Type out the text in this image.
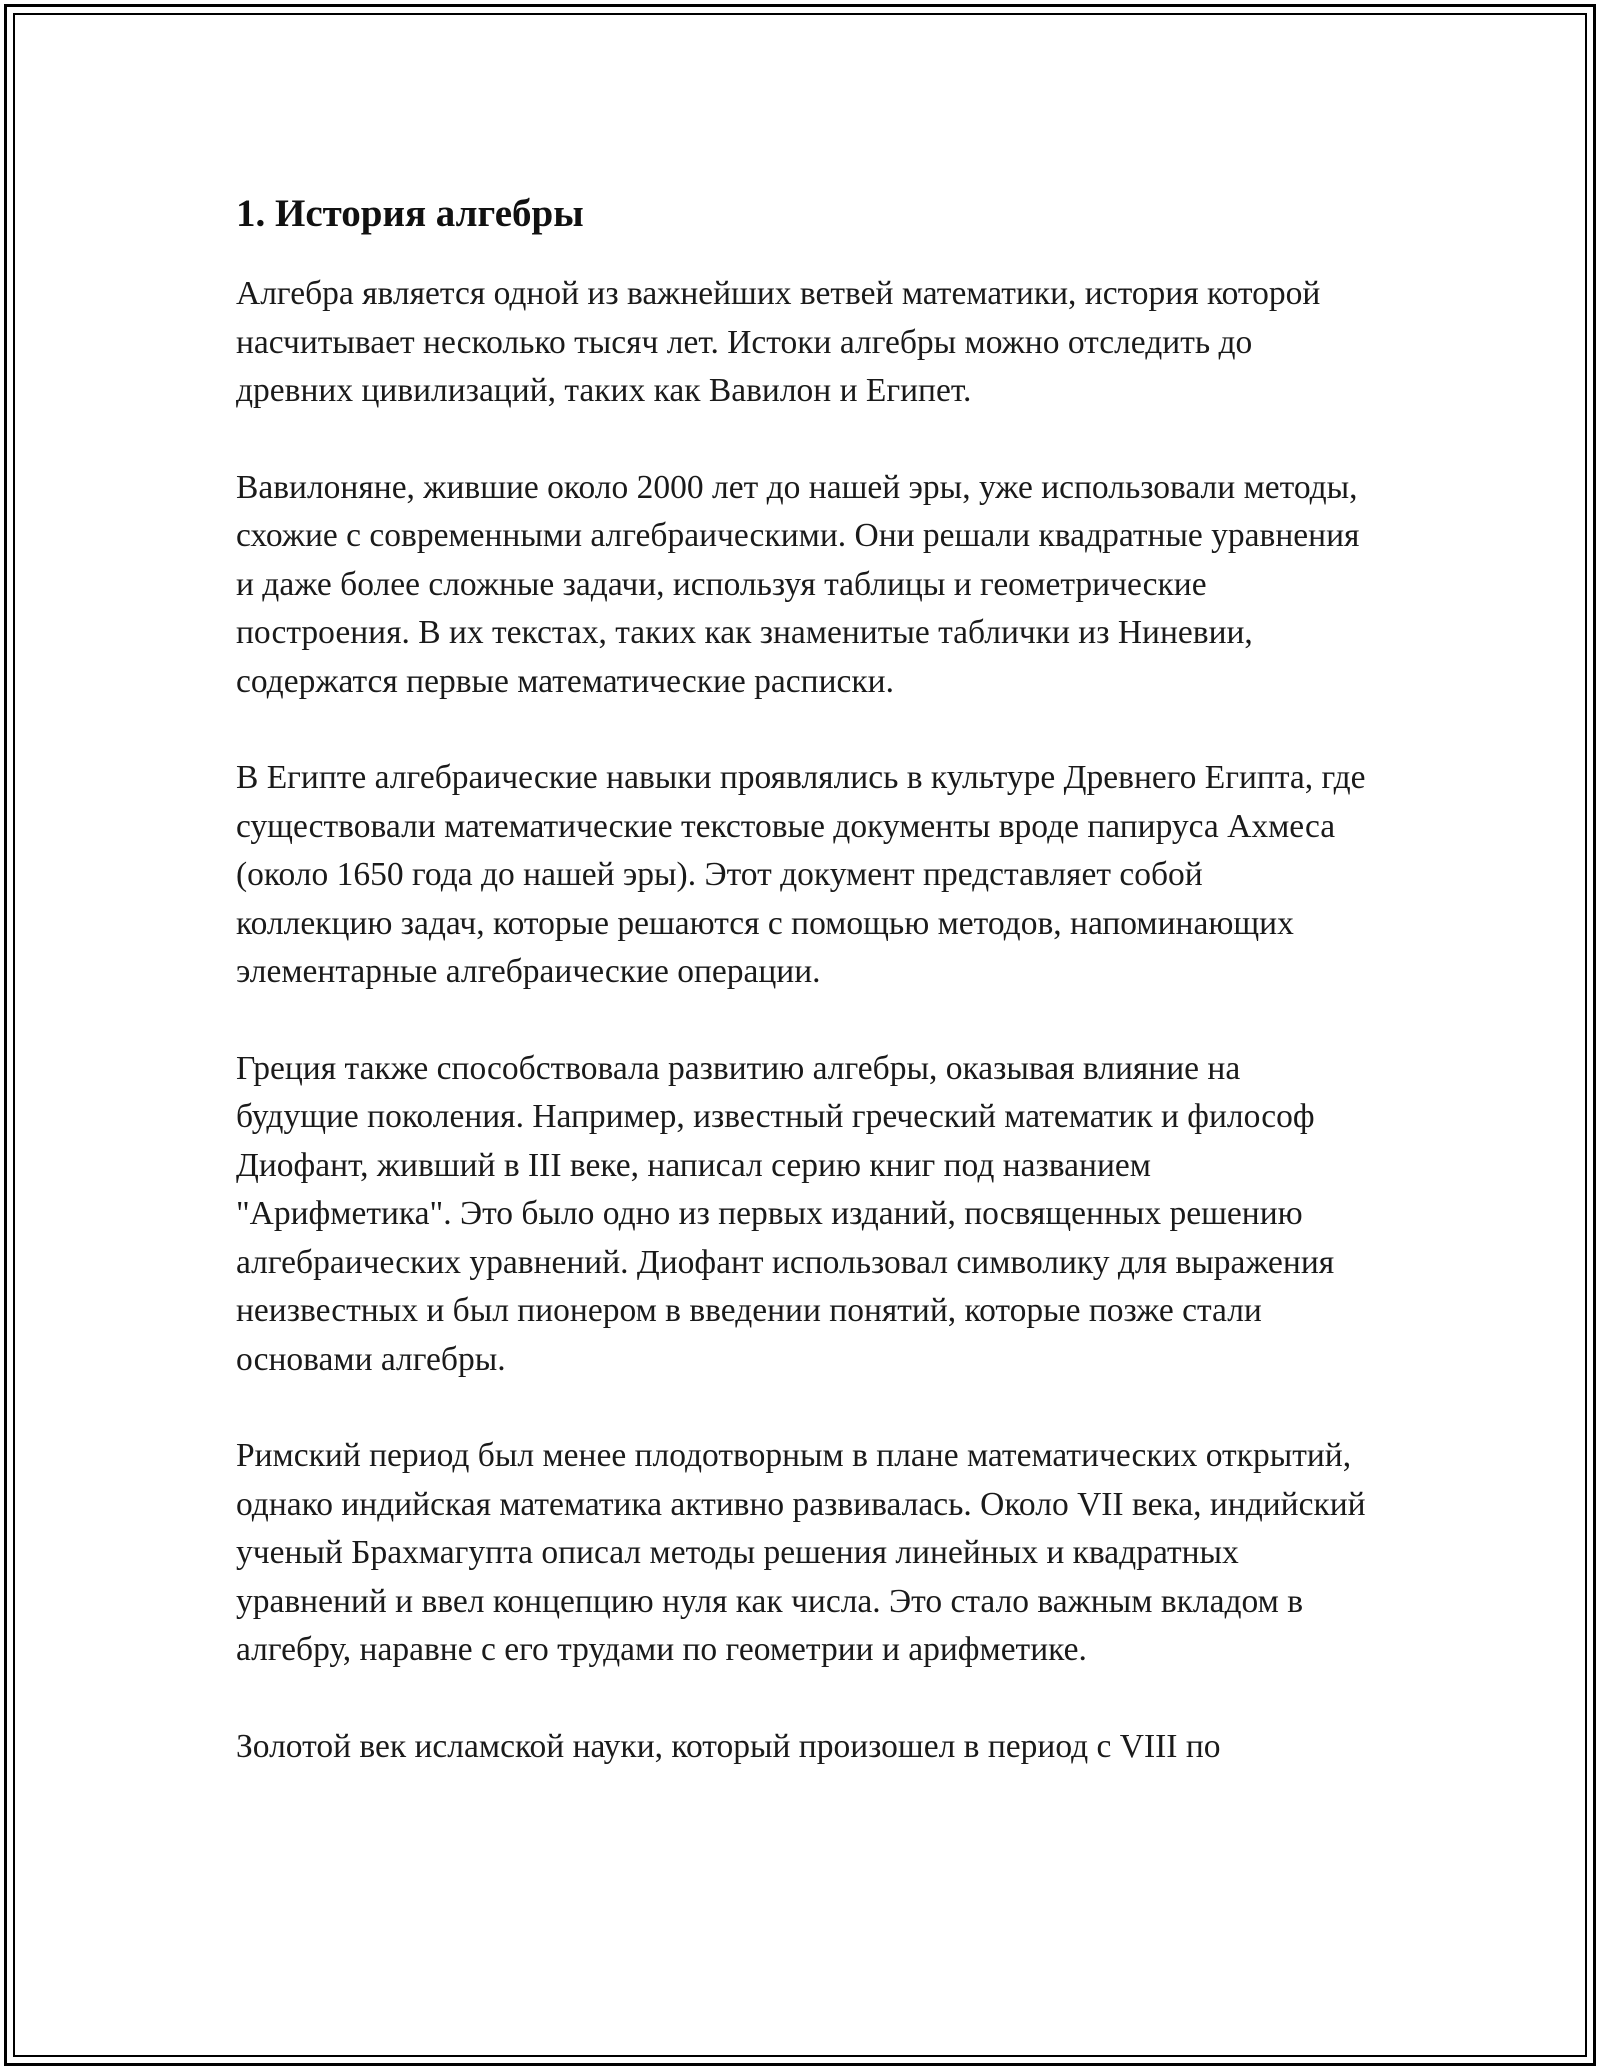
1. История алгебры

Алгебра является одной из важнейших ветвей математики, история которой насчитывает несколько тысяч лет. Истоки алгебры можно отследить до древних цивилизаций, таких как Вавилон и Египет.

Вавилоняне, жившие около 2000 лет до нашей эры, уже использовали методы, схожие с современными алгебраическими. Они решали квадратные уравнения и даже более сложные задачи, используя таблицы и геометрические построения. В их текстах, таких как знаменитые таблички из Ниневии, содержатся первые математические расписки.

В Египте алгебраические навыки проявлялись в культуре Древнего Египта, где существовали математические текстовые документы вроде папируса Ахмеса (около 1650 года до нашей эры). Этот документ представляет собой коллекцию задач, которые решаются с помощью методов, напоминающих элементарные алгебраические операции.

Греция также способствовала развитию алгебры, оказывая влияние на будущие поколения. Например, известный греческий математик и философ Диофант, живший в III веке, написал серию книг под названием "Арифметика". Это было одно из первых изданий, посвященных решению алгебраических уравнений. Диофант использовал символику для выражения неизвестных и был пионером в введении понятий, которые позже стали основами алгебры.

Римский период был менее плодотворным в плане математических открытий, однако индийская математика активно развивалась. Около VII века, индийский ученый Брахмагупта описал методы решения линейных и квадратных уравнений и ввел концепцию нуля как числа. Это стало важным вкладом в алгебру, наравне с его трудами по геометрии и арифметике.

Золотой век исламской науки, который произошел в период с VIII по
